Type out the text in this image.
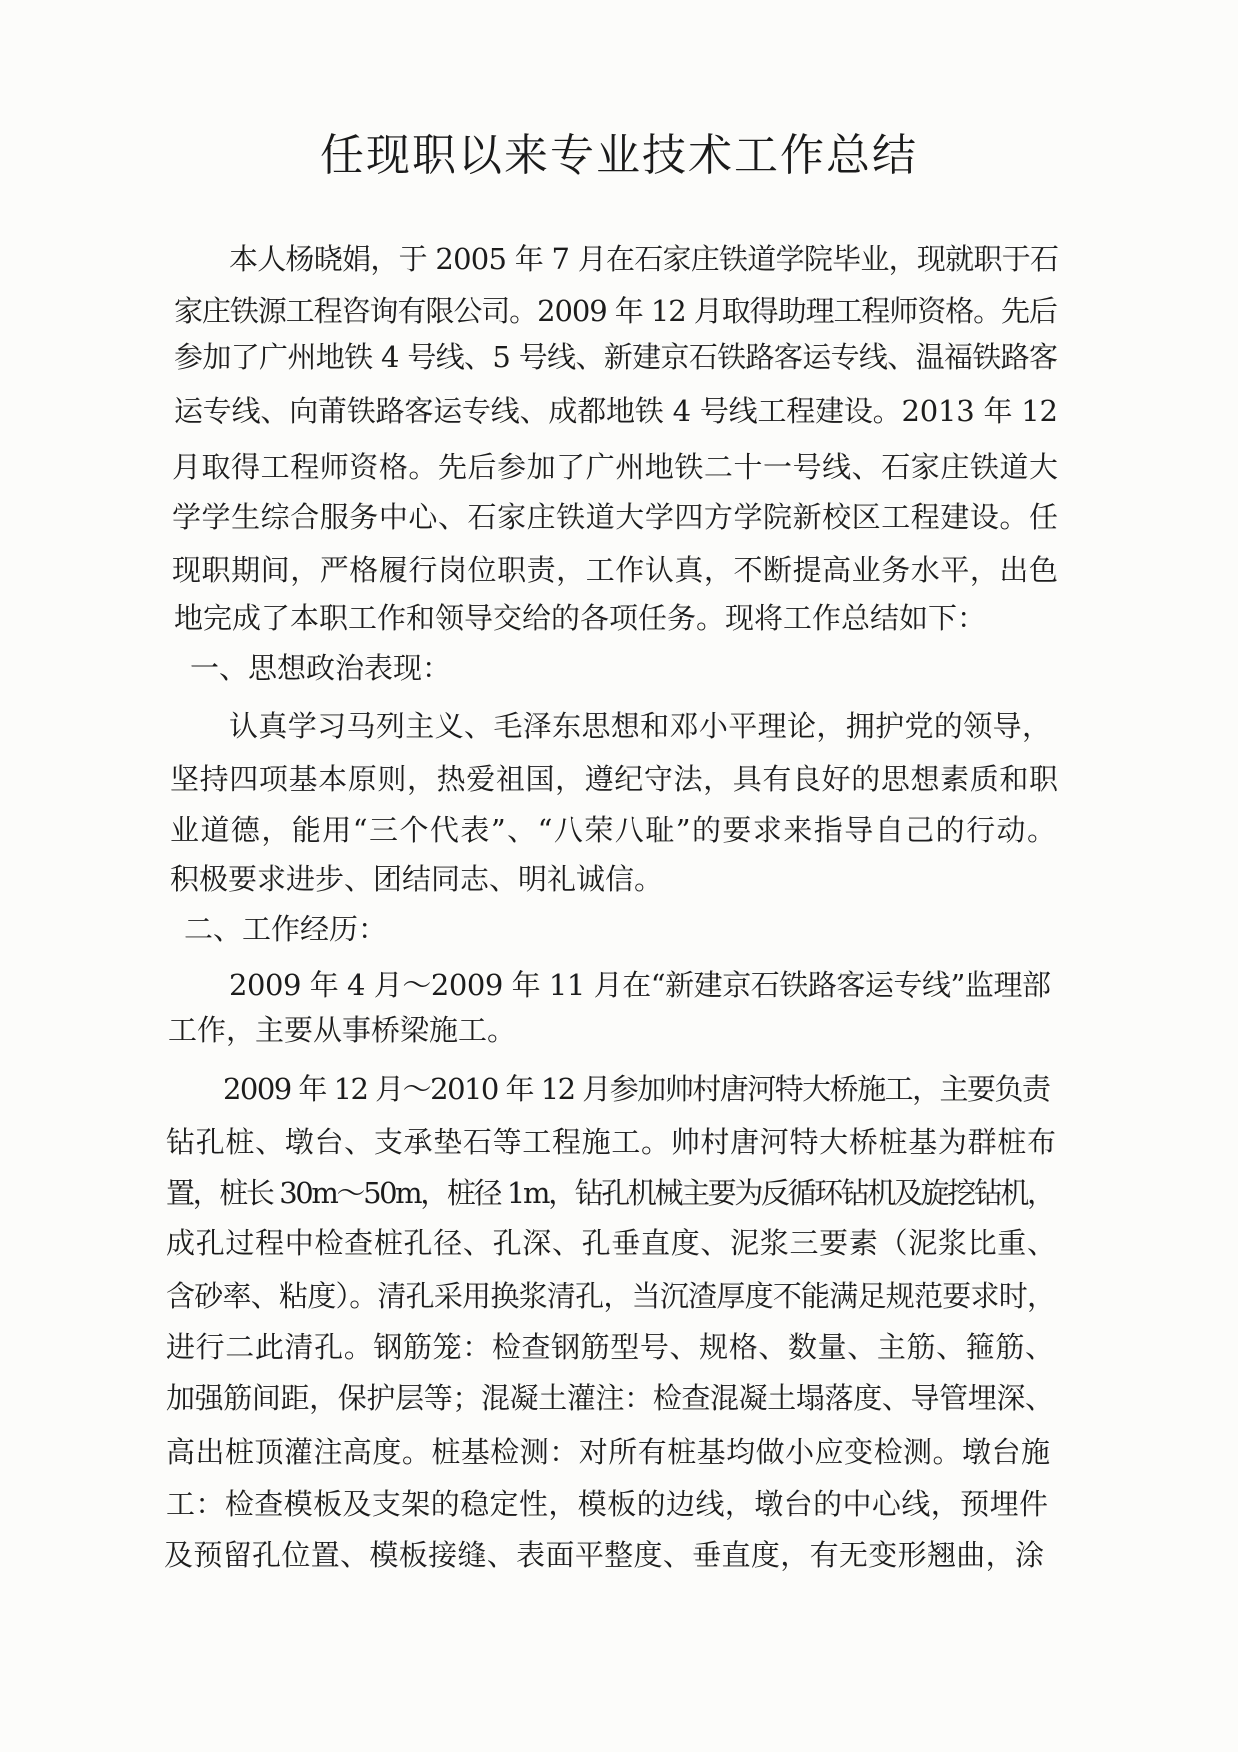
任现职以来专业技术工作总结
本人杨晓娟，于 2005 年 7 月在石家庄铁道学院毕业，现就职于石
家庄铁源工程咨询有限公司。2009 年 12 月取得助理工程师资格。先后
参加了广州地铁 4 号线、5 号线、新建京石铁路客运专线、温福铁路客
运专线、向莆铁路客运专线、成都地铁 4 号线工程建设。2013 年 12
月取得工程师资格。先后参加了广州地铁二十一号线、石家庄铁道大
学学生综合服务中心、石家庄铁道大学四方学院新校区工程建设。任
现职期间，严格履行岗位职责，工作认真，不断提高业务水平，出色
地完成了本职工作和领导交给的各项任务。现将工作总结如下：
一、思想政治表现：
认真学习马列主义、毛泽东思想和邓小平理论，拥护党的领导，
坚持四项基本原则，热爱祖国，遵纪守法，具有良好的思想素质和职
业道德，能用“三个代表”、“八荣八耻”的要求来指导自己的行动。
积极要求进步、团结同志、明礼诚信。
二、工作经历：
2009 年 4 月～2009 年 11 月在“新建京石铁路客运专线”监理部
工作，主要从事桥梁施工。
2009 年 12 月～2010 年 12 月参加帅村唐河特大桥施工，主要负责
钻孔桩、墩台、支承垫石等工程施工。帅村唐河特大桥桩基为群桩布
置，桩长 30m～50m，桩径 1m，钻孔机械主要为反循环钻机及旋挖钻机，
成孔过程中检查桩孔径、孔深、孔垂直度、泥浆三要素（泥浆比重、
含砂率、粘度）。清孔采用换浆清孔，当沉渣厚度不能满足规范要求时，
进行二此清孔。钢筋笼：检查钢筋型号、规格、数量、主筋、箍筋、
加强筋间距，保护层等；混凝土灌注：检查混凝土塌落度、导管埋深、
高出桩顶灌注高度。桩基检测：对所有桩基均做小应变检测。墩台施
工：检查模板及支架的稳定性，模板的边线，墩台的中心线，预埋件
及预留孔位置、模板接缝、表面平整度、垂直度，有无变形翘曲，涂
